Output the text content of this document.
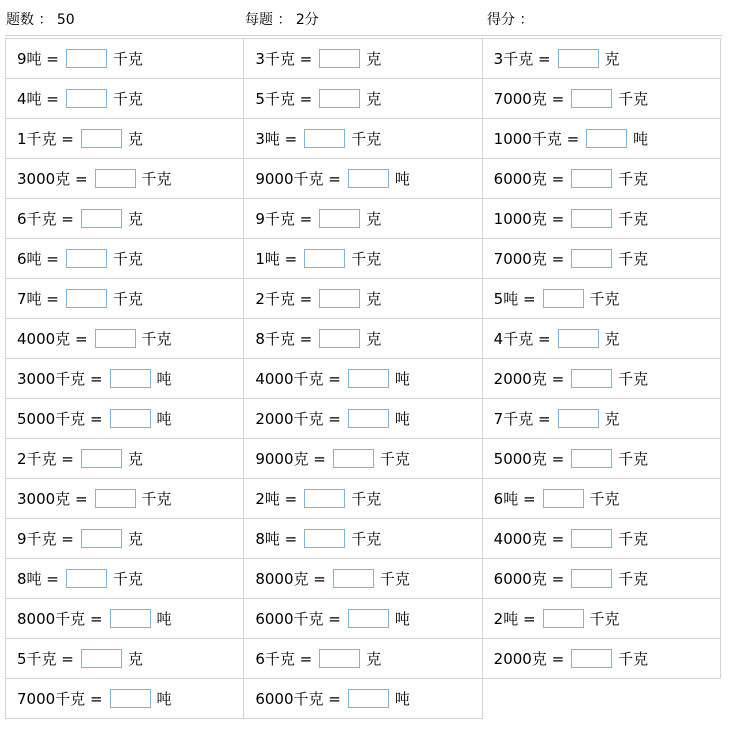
题数 ： 50	每题 ： 2分	得分 ：
9吨 = 千克	3千克 = 克	3千克 = 克
4吨 = 千克	5千克 = 克	7000克 = 千克
1千克 = 克	3吨 = 千克	1000千克 = 吨
3000克 = 千克	9000千克 = 吨	6000克 = 千克
6千克 = 克	9千克 = 克	1000克 = 千克
6吨 = 千克	1吨 = 千克	7000克 = 千克
7吨 = 千克	2千克 = 克	5吨 = 千克
4000克 = 千克	8千克 = 克	4千克 = 克
3000千克 = 吨	4000千克 = 吨	2000克 = 千克
5000千克 = 吨	2000千克 = 吨	7千克 = 克
2千克 = 克	9000克 = 千克	5000克 = 千克
3000克 = 千克	2吨 = 千克	6吨 = 千克
9千克 = 克	8吨 = 千克	4000克 = 千克
8吨 = 千克	8000克 = 千克	6000克 = 千克
8000千克 = 吨	6000千克 = 吨	2吨 = 千克
5千克 = 克	6千克 = 克	2000克 = 千克
7000千克 = 吨	6000千克 = 吨	
